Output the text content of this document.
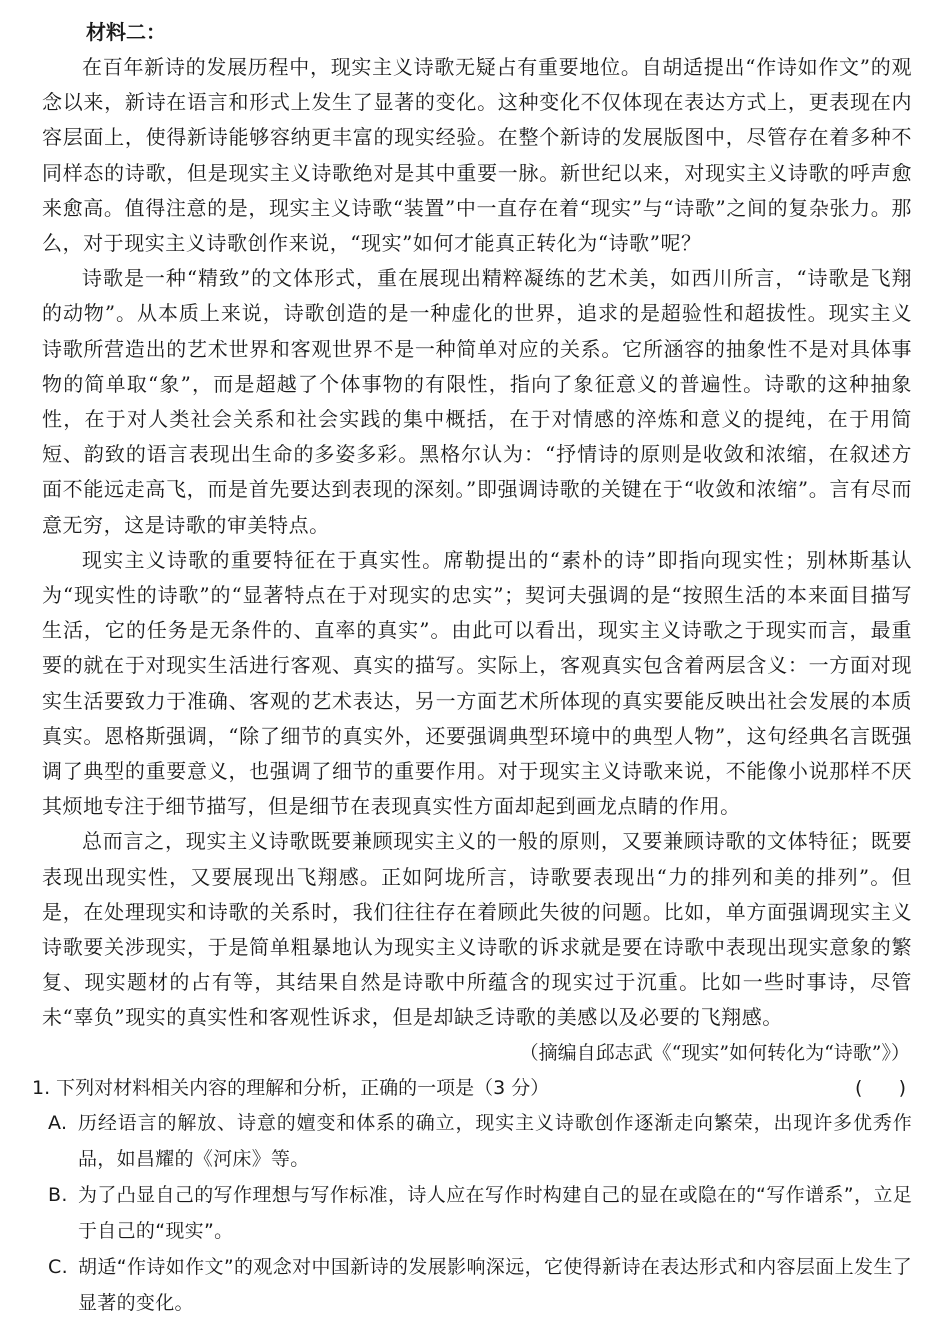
材料二：

在百年新诗的发展历程中，现实主义诗歌无疑占有重要地位。自胡适提出“作诗如作文”的观念以来，新诗在语言和形式上发生了显著的变化。这种变化不仅体现在表达方式上，更表现在内容层面上，使得新诗能够容纳更丰富的现实经验。在整个新诗的发展版图中，尽管存在着多种不同样态的诗歌，但是现实主义诗歌绝对是其中重要一脉。新世纪以来，对现实主义诗歌的呼声愈来愈高。值得注意的是，现实主义诗歌“装置”中一直存在着“现实”与“诗歌”之间的复杂张力。那么，对于现实主义诗歌创作来说，“现实”如何才能真正转化为“诗歌”呢？

诗歌是一种“精致”的文体形式，重在展现出精粹凝练的艺术美，如西川所言，“诗歌是飞翔的动物”。从本质上来说，诗歌创造的是一种虚化的世界，追求的是超验性和超拔性。现实主义诗歌所营造出的艺术世界和客观世界不是一种简单对应的关系。它所涵容的抽象性不是对具体事物的简单取“象”，而是超越了个体事物的有限性，指向了象征意义的普遍性。诗歌的这种抽象性，在于对人类社会关系和社会实践的集中概括，在于对情感的淬炼和意义的提纯，在于用简短、韵致的语言表现出生命的多姿多彩。黑格尔认为：“抒情诗的原则是收敛和浓缩，在叙述方面不能远走高飞，而是首先要达到表现的深刻。”即强调诗歌的关键在于“收敛和浓缩”。言有尽而意无穷，这是诗歌的审美特点。

现实主义诗歌的重要特征在于真实性。席勒提出的“素朴的诗”即指向现实性；别林斯基认为“现实性的诗歌”的“显著特点在于对现实的忠实”；契诃夫强调的是“按照生活的本来面目描写生活，它的任务是无条件的、直率的真实”。由此可以看出，现实主义诗歌之于现实而言，最重要的就在于对现实生活进行客观、真实的描写。实际上，客观真实包含着两层含义：一方面对现实生活要致力于准确、客观的艺术表达，另一方面艺术所体现的真实要能反映出社会发展的本质真实。恩格斯强调，“除了细节的真实外，还要强调典型环境中的典型人物”，这句经典名言既强调了典型的重要意义，也强调了细节的重要作用。对于现实主义诗歌来说，不能像小说那样不厌其烦地专注于细节描写，但是细节在表现真实性方面却起到画龙点睛的作用。

总而言之，现实主义诗歌既要兼顾现实主义的一般的原则，又要兼顾诗歌的文体特征；既要表现出现实性，又要展现出飞翔感。正如阿垅所言，诗歌要表现出“力的排列和美的排列”。但是，在处理现实和诗歌的关系时，我们往往存在着顾此失彼的问题。比如，单方面强调现实主义诗歌要关涉现实，于是简单粗暴地认为现实主义诗歌的诉求就是要在诗歌中表现出现实意象的繁复、现实题材的占有等，其结果自然是诗歌中所蕴含的现实过于沉重。比如一些时事诗，尽管未“辜负”现实的真实性和客观性诉求，但是却缺乏诗歌的美感以及必要的飞翔感。

（摘编自邱志武《“现实”如何转化为“诗歌”》）

1. 下列对材料相关内容的理解和分析，正确的一项是（3 分）	(      )
A. 历经语言的解放、诗意的嬗变和体系的确立，现实主义诗歌创作逐渐走向繁荣，出现许多优秀作品，如昌耀的《河床》等。
B. 为了凸显自己的写作理想与写作标准，诗人应在写作时构建自己的显在或隐在的“写作谱系”，立足于自己的“现实”。
C. 胡适“作诗如作文”的观念对中国新诗的发展影响深远，它使得新诗在表达形式和内容层面上发生了显著的变化。
